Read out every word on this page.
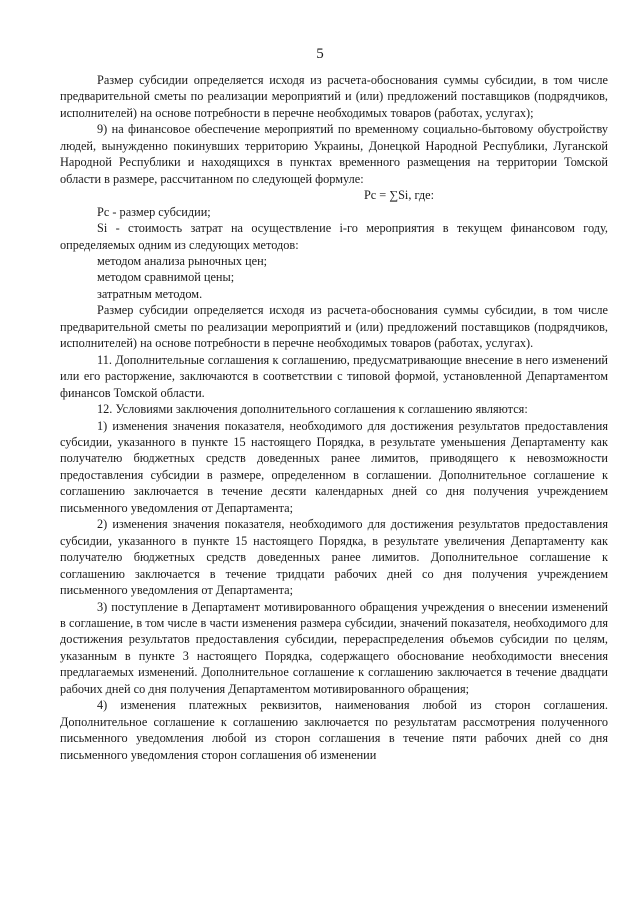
5

Размер субсидии определяется исходя из расчета-обоснования суммы субсидии, в том числе предварительной сметы по реализации мероприятий и (или) предложений поставщиков (подрядчиков, исполнителей) на основе потребности в перечне необходимых товаров (работах, услугах);

9) на финансовое обеспечение мероприятий по временному социально-бытовому обустройству людей, вынужденно покинувших территорию Украины, Донецкой Народной Республики, Луганской Народной Республики и находящихся в пунктах временного размещения на территории Томской области в размере, рассчитанном по следующей формуле:

Pc = ∑Si, где:

Pc - размер субсидии;

Si - стоимость затрат на осуществление i-го мероприятия в текущем финансовом году, определяемых одним из следующих методов:

методом анализа рыночных цен;

методом сравнимой цены;

затратным методом.

Размер субсидии определяется исходя из расчета-обоснования суммы субсидии, в том числе предварительной сметы по реализации мероприятий и (или) предложений поставщиков (подрядчиков, исполнителей) на основе потребности в перечне необходимых товаров (работах, услугах).

11. Дополнительные соглашения к соглашению, предусматривающие внесение в него изменений или его расторжение, заключаются в соответствии с типовой формой, установленной Департаментом финансов Томской области.

12. Условиями заключения дополнительного соглашения к соглашению являются:

1) изменения значения показателя, необходимого для достижения результатов предоставления субсидии, указанного в пункте 15 настоящего Порядка, в результате уменьшения Департаменту как получателю бюджетных средств доведенных ранее лимитов, приводящего к невозможности предоставления субсидии в размере, определенном в соглашении. Дополнительное соглашение к соглашению заключается в течение десяти календарных дней со дня получения учреждением письменного уведомления от Департамента;

2) изменения значения показателя, необходимого для достижения результатов предоставления субсидии, указанного в пункте 15 настоящего Порядка, в результате увеличения Департаменту как получателю бюджетных средств доведенных ранее лимитов. Дополнительное соглашение к соглашению заключается в течение тридцати рабочих дней со дня получения учреждением письменного уведомления от Департамента;

3) поступление в Департамент мотивированного обращения учреждения о внесении изменений в соглашение, в том числе в части изменения размера субсидии, значений показателя, необходимого для достижения результатов предоставления субсидии, перераспределения объемов субсидии по целям, указанным в пункте 3 настоящего Порядка, содержащего обоснование необходимости внесения предлагаемых изменений. Дополнительное соглашение к соглашению заключается в течение двадцати рабочих дней со дня получения Департаментом мотивированного обращения;

4) изменения платежных реквизитов, наименования любой из сторон соглашения. Дополнительное соглашение к соглашению заключается по результатам рассмотрения полученного письменного уведомления любой из сторон соглашения в течение пяти рабочих дней со дня письменного уведомления сторон соглашения об изменении
